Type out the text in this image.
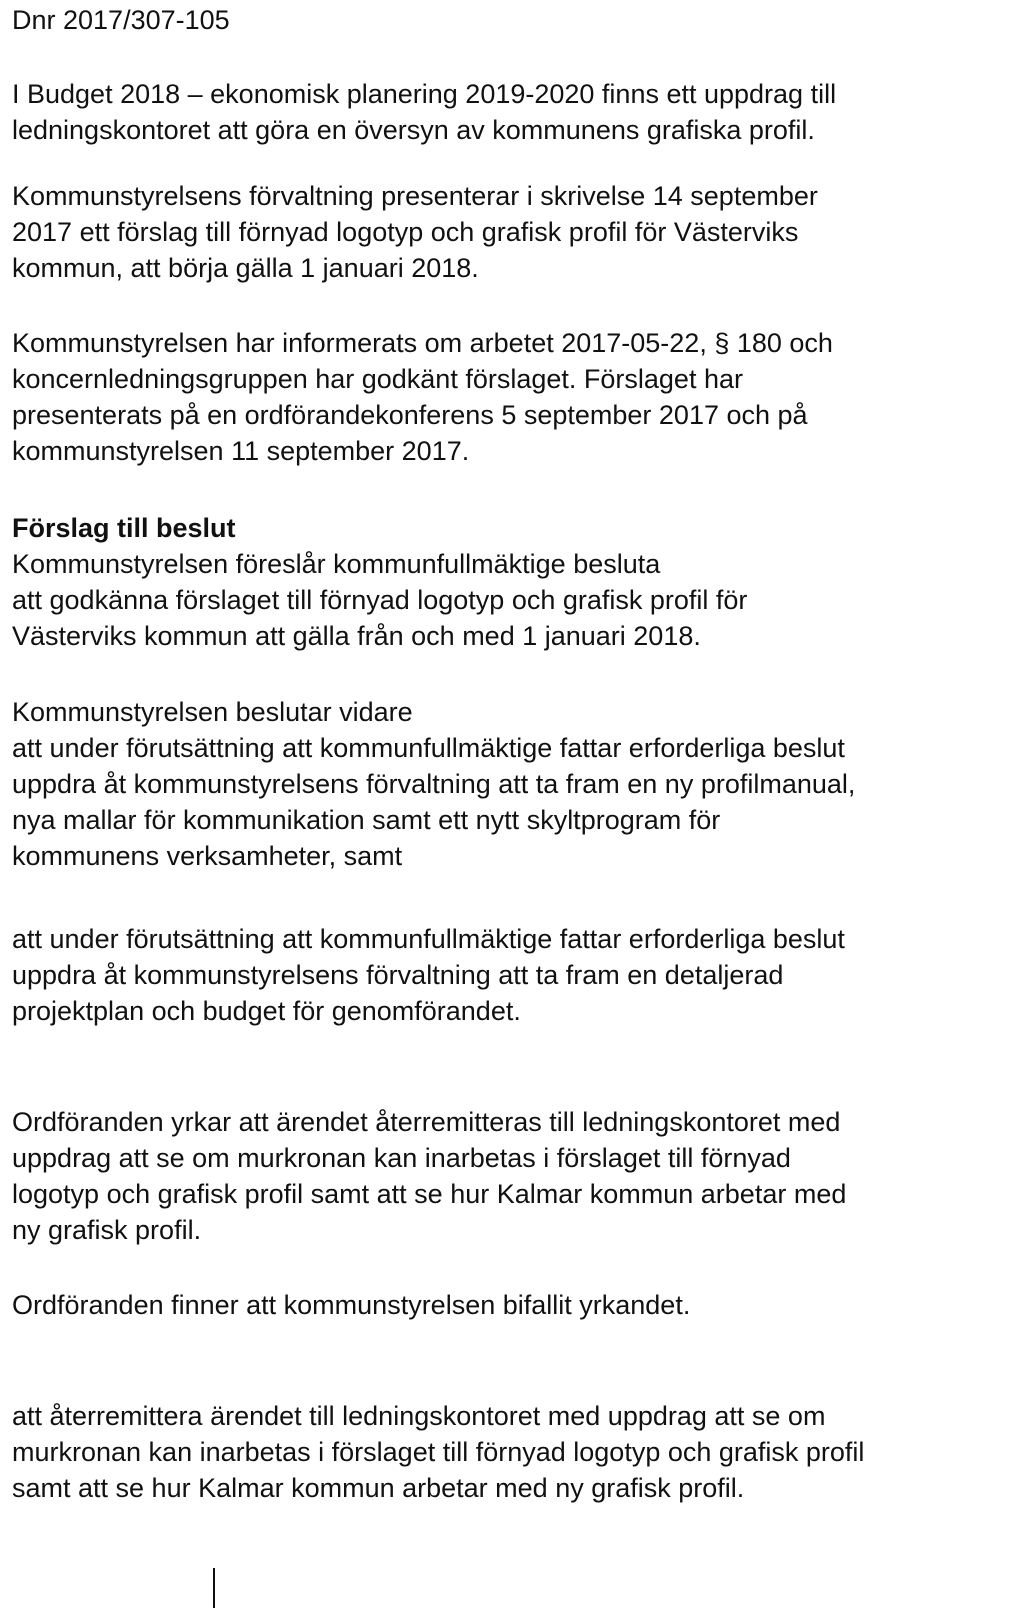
Dnr 2017/307-105

I Budget 2018 – ekonomisk planering 2019-2020 finns ett uppdrag till

ledningskontoret att göra en översyn av kommunens grafiska profil.

Kommunstyrelsens förvaltning presenterar i skrivelse 14 september

2017 ett förslag till förnyad logotyp och grafisk profil för Västerviks

kommun, att börja gälla 1 januari 2018.

Kommunstyrelsen har informerats om arbetet 2017-05-22, § 180 och

koncernledningsgruppen har godkänt förslaget. Förslaget har

presenterats på en ordförandekonferens 5 september 2017 och på

kommunstyrelsen 11 september 2017.

Förslag till beslut

Kommunstyrelsen föreslår kommunfullmäktige besluta

att godkänna förslaget till förnyad logotyp och grafisk profil för

Västerviks kommun att gälla från och med 1 januari 2018.

Kommunstyrelsen beslutar vidare

att under förutsättning att kommunfullmäktige fattar erforderliga beslut

uppdra åt kommunstyrelsens förvaltning att ta fram en ny profilmanual,

nya mallar för kommunikation samt ett nytt skyltprogram för

kommunens verksamheter, samt

att under förutsättning att kommunfullmäktige fattar erforderliga beslut

uppdra åt kommunstyrelsens förvaltning att ta fram en detaljerad

projektplan och budget för genomförandet.

Ordföranden yrkar att ärendet återremitteras till ledningskontoret med

uppdrag att se om murkronan kan inarbetas i förslaget till förnyad

logotyp och grafisk profil samt att se hur Kalmar kommun arbetar med

ny grafisk profil.

Ordföranden finner att kommunstyrelsen bifallit yrkandet.

att återremittera ärendet till ledningskontoret med uppdrag att se om

murkronan kan inarbetas i förslaget till förnyad logotyp och grafisk profil

samt att se hur Kalmar kommun arbetar med ny grafisk profil.
